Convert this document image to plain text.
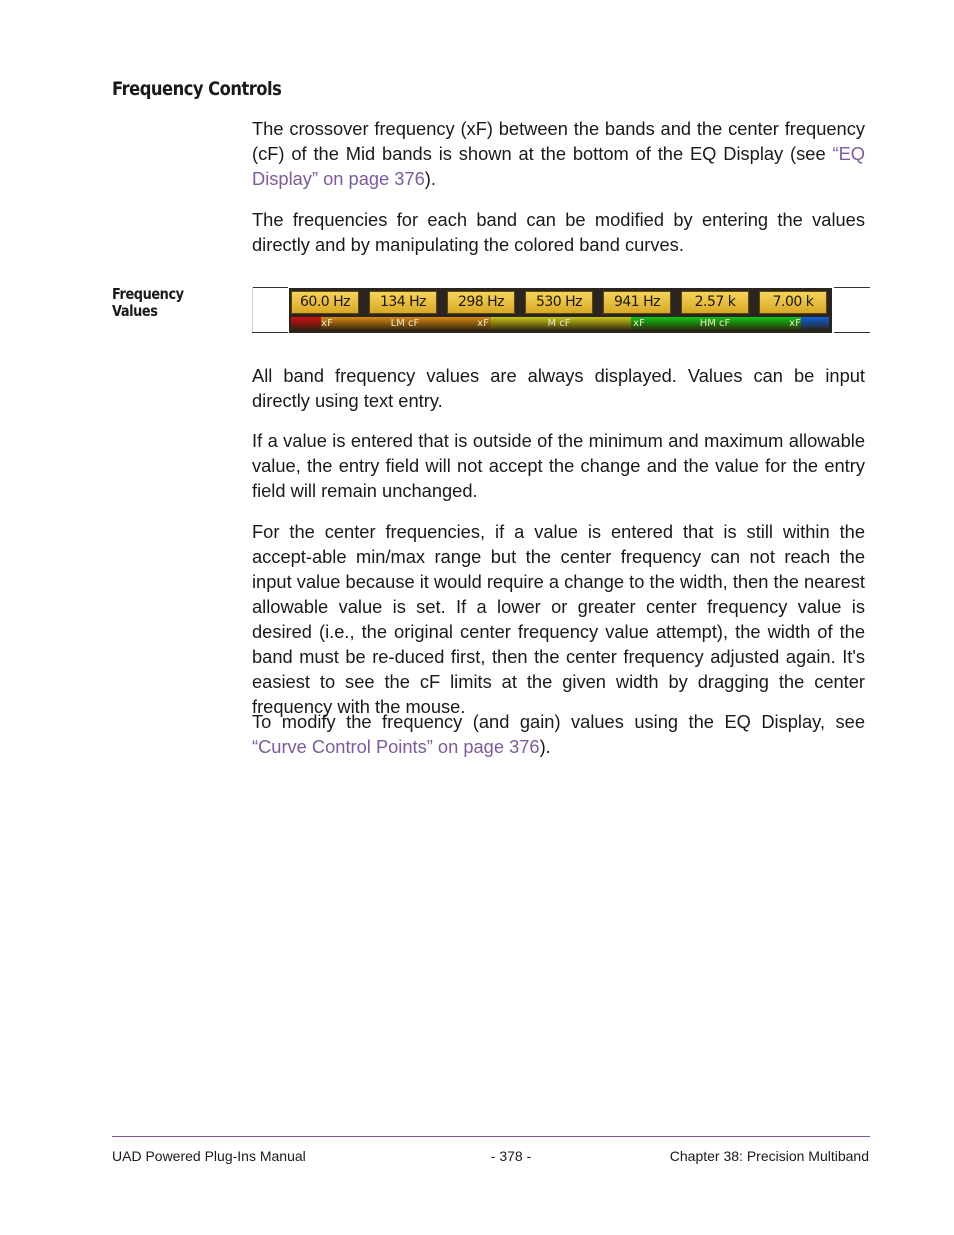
Frequency Controls

The crossover frequency (xF) between the bands and the center frequency (cF) of the Mid bands is shown at the bottom of the EQ Display (see “EQ Display” on page 376).

The frequencies for each band can be modified by entering the values directly and by manipulating the colored band curves.

Frequency
Values	60.0 Hz	134 Hz	298 Hz	530 Hz	941 Hz	2.57 k	7.00 k
xF	LM cF	xF	M cF	xF	HM cF	xF

All band frequency values are always displayed. Values can be input directly using text entry.

If a value is entered that is outside of the minimum and maximum allowable value, the entry field will not accept the change and the value for the entry field will remain unchanged.

For the center frequencies, if a value is entered that is still within the accept-able min/max range but the center frequency can not reach the input value because it would require a change to the width, then the nearest allowable value is set. If a lower or greater center frequency value is desired (i.e., the original center frequency value attempt), the width of the band must be re-duced first, then the center frequency adjusted again. It's easiest to see the cF limits at the given width by dragging the center frequency with the mouse.

To modify the frequency (and gain) values using the EQ Display, see “Curve Control Points” on page 376).

UAD Powered Plug-Ins Manual	- 378 -	Chapter 38: Precision Multiband
